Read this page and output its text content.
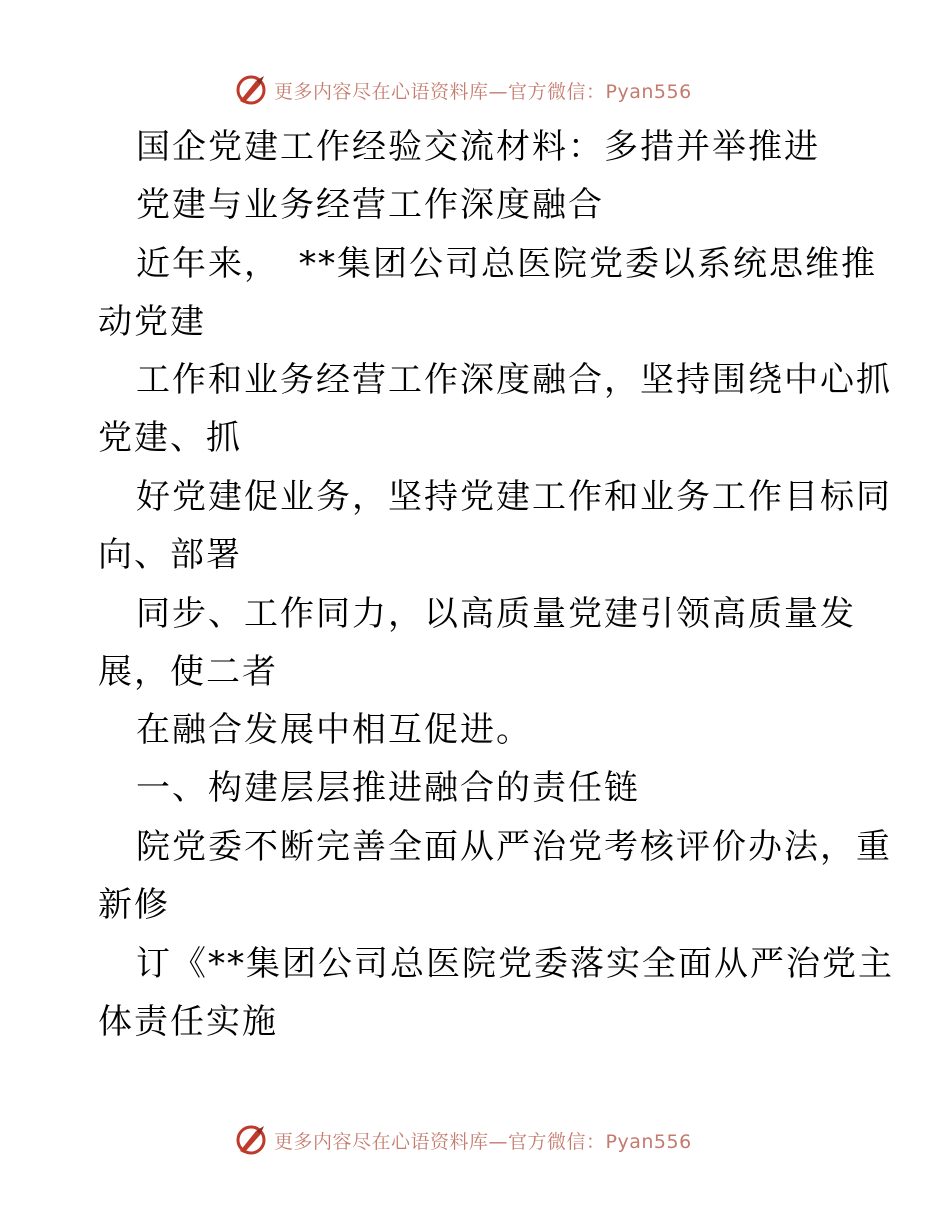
更多内容尽在心语资料库—官方微信：Pyan556
国企党建工作经验交流材料：多措并举推进
党建与业务经营工作深度融合
近年来，　**集团公司总医院党委以系统思维推
动党建
工作和业务经营工作深度融合，坚持围绕中心抓
党建、抓
好党建促业务，坚持党建工作和业务工作目标同
向、部署
同步、工作同力，以高质量党建引领高质量发
展，使二者
在融合发展中相互促进。
一、构建层层推进融合的责任链
院党委不断完善全面从严治党考核评价办法，重
新修
订《**集团公司总医院党委落实全面从严治党主
体责任实施
更多内容尽在心语资料库—官方微信：Pyan556
